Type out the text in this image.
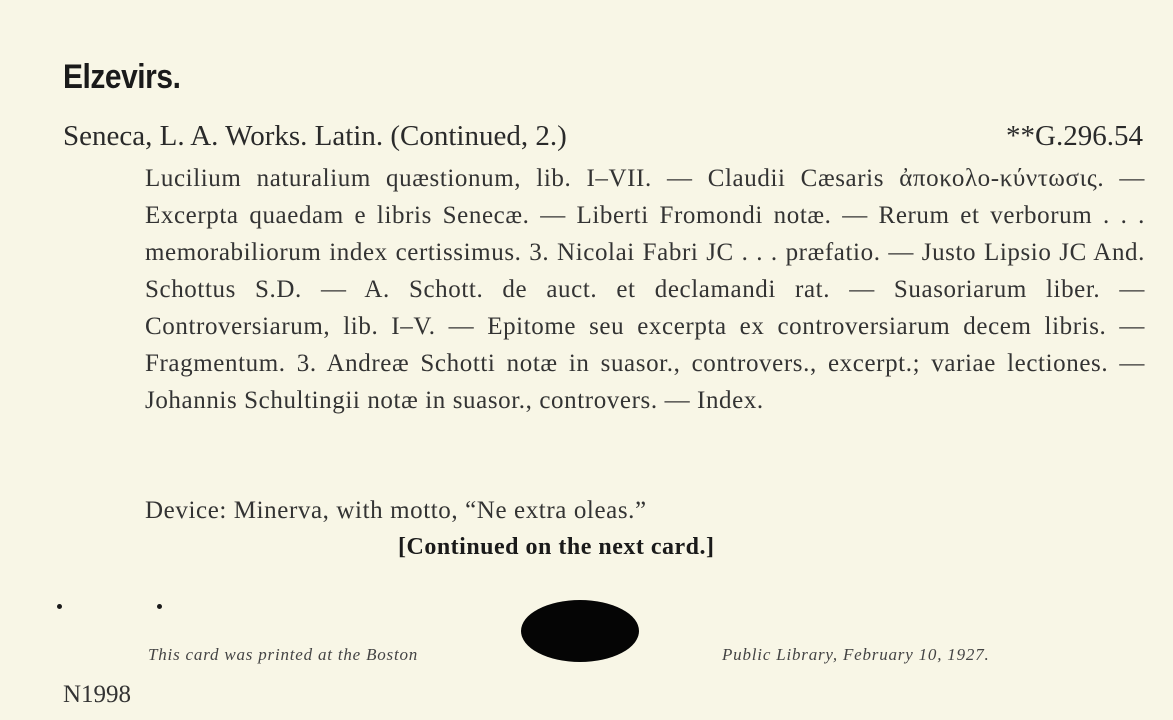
Elzevirs.
Seneca, L. A. Works. Latin. (Continued, 2.)	**G.296.54

Lucilium naturalium quæstionum, lib. I–VII. — Claudii Cæsaris ἀποκολο-κύντωσις. — Excerpta quaedam e libris Senecæ. — Liberti Fromondi notæ. — Rerum et verborum . . . memorabiliorum index certissimus. 3. Nicolai Fabri JC . . . præfatio. — Justo Lipsio JC And. Schottus S.D. — A. Schott. de auct. et declamandi rat. — Suasoriarum liber. — Controversiarum, lib. I–V. — Epitome seu excerpta ex controversiarum decem libris. — Fragmentum. 3. Andreæ Schotti notæ in suasor., controvers., excerpt.; variae lectiones. — Johannis Schultingii notæ in suasor., controvers. — Index.

Device: Minerva, with motto, “Ne extra oleas.”
[Continued on the next card.]
This card was printed at the Boston	Public Library, February 10, 1927.
N1998
